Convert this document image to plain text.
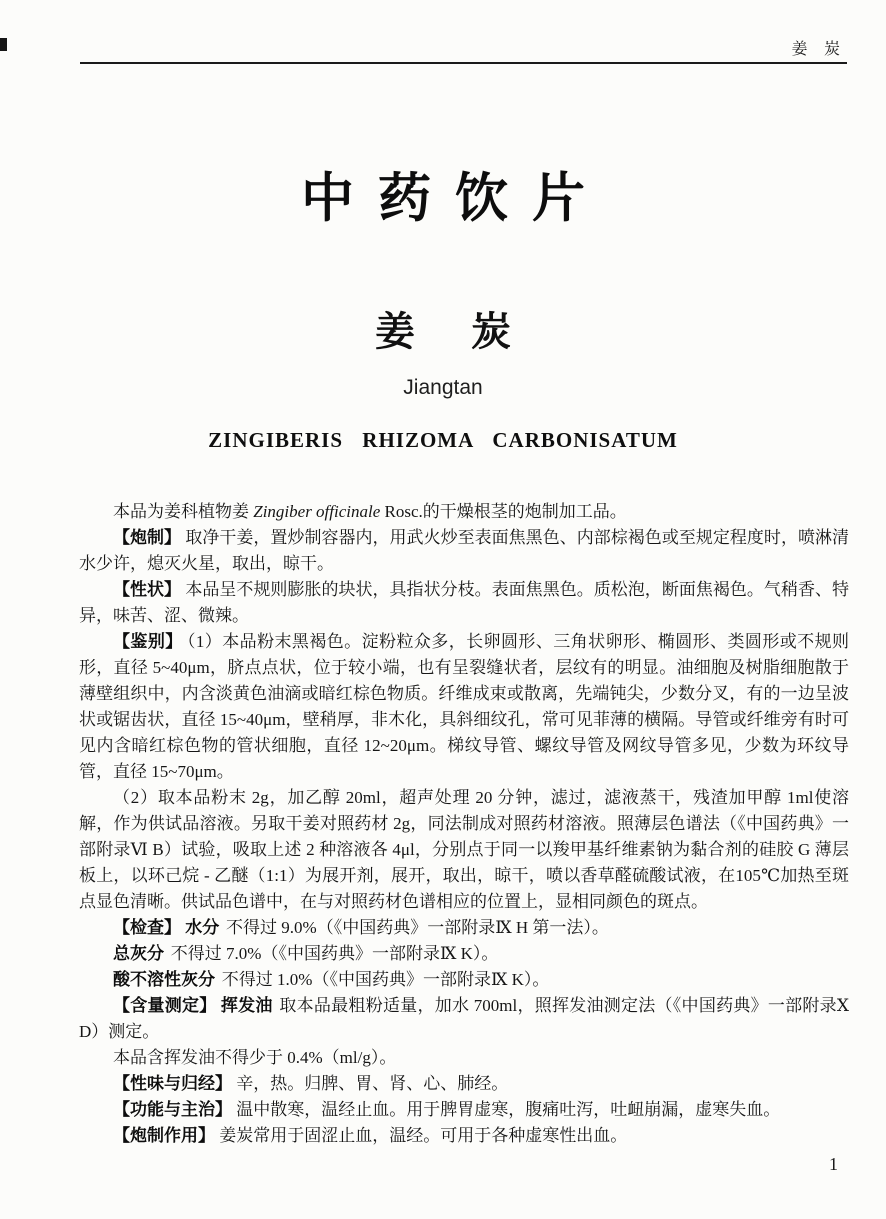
姜 炭
中药饮片
姜 炭
Jiangtan
ZINGIBERIS RHIZOMA CARBONISATUM

本品为姜科植物姜 Zingiber officinale Rosc.的干燥根茎的炮制加工品。

【炮制】 取净干姜，置炒制容器内，用武火炒至表面焦黑色、内部棕褐色或至规定程度时，喷淋清水少许，熄灭火星，取出，晾干。

【性状】 本品呈不规则膨胀的块状，具指状分枝。表面焦黑色。质松泡，断面焦褐色。气稍香、特异，味苦、涩、微辣。

【鉴别】 （1）本品粉末黑褐色。淀粉粒众多，长卵圆形、三角状卵形、椭圆形、类圆形或不规则形，直径 5~40μm，脐点点状，位于较小端，也有呈裂缝状者，层纹有的明显。油细胞及树脂细胞散于薄壁组织中，内含淡黄色油滴或暗红棕色物质。纤维成束或散离，先端钝尖，少数分叉，有的一边呈波状或锯齿状，直径 15~40μm，壁稍厚，非木化，具斜细纹孔，常可见菲薄的横隔。导管或纤维旁有时可见内含暗红棕色物的管状细胞，直径 12~20μm。梯纹导管、螺纹导管及网纹导管多见，少数为环纹导管，直径 15~70μm。

（2）取本品粉末 2g，加乙醇 20ml，超声处理 20 分钟，滤过，滤液蒸干，残渣加甲醇 1ml使溶解，作为供试品溶液。另取干姜对照药材 2g，同法制成对照药材溶液。照薄层色谱法（《中国药典》一部附录Ⅵ B）试验，吸取上述 2 种溶液各 4μl，分别点于同一以羧甲基纤维素钠为黏合剂的硅胶 G 薄层板上，以环己烷 - 乙醚（1:1）为展开剂，展开，取出，晾干，喷以香草醛硫酸试液，在105℃加热至斑点显色清晰。供试品色谱中，在与对照药材色谱相应的位置上，显相同颜色的斑点。

【检查】 水分 不得过 9.0%（《中国药典》一部附录Ⅸ H 第一法）。

总灰分 不得过 7.0%（《中国药典》一部附录Ⅸ K）。

酸不溶性灰分 不得过 1.0%（《中国药典》一部附录Ⅸ K）。

【含量测定】 挥发油 取本品最粗粉适量，加水 700ml，照挥发油测定法（《中国药典》一部附录Ⅹ D）测定。

本品含挥发油不得少于 0.4%（ml/g）。

【性味与归经】 辛，热。归脾、胃、肾、心、肺经。

【功能与主治】 温中散寒，温经止血。用于脾胃虚寒，腹痛吐泻，吐衄崩漏，虚寒失血。

【炮制作用】 姜炭常用于固涩止血，温经。可用于各种虚寒性出血。

1
